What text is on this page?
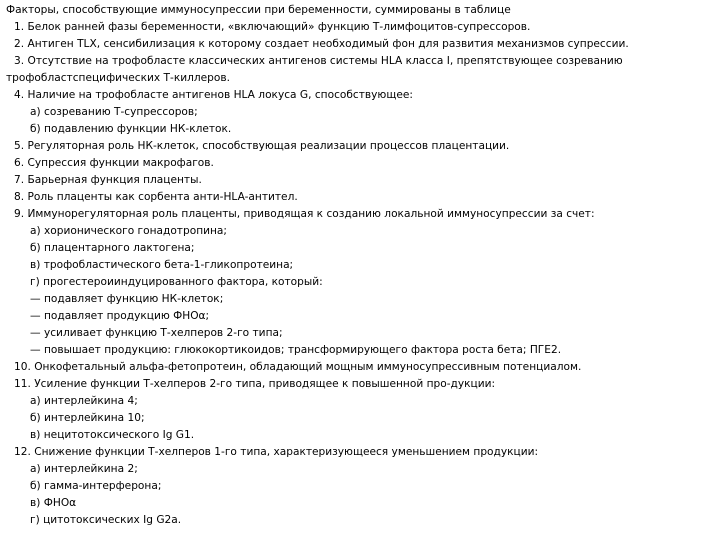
Факторы, способствующие иммуносупрессии при беременности, суммированы в таблице
1. Белок ранней фазы беременности, «включающий» функцию Т-лимфоцитов-супрессоров.
2. Антиген TLX, сенсибилизация к которому создает необходимый фон для развития механизмов супрессии.
3. Отсутствие на трофобласте классических антигенов системы HLA класса I, препятствующее созреванию
трофобластспецифических Т-киллеров.
4. Наличие на трофобласте антигенов HLA локуса G, способствующее:
а) созреванию Т-супрессоров;
б) подавлению функции НК-клеток.
5. Регуляторная роль НК-клеток, способствующая реализации процессов плацентации.
6. Супрессия функции макрофагов.
7. Барьерная функция плаценты.
8. Роль плаценты как сорбента анти-HLA-антител.
9. Иммунорегуляторная роль плаценты, приводящая к созданию локальной иммуносупрессии за счет:
а) хорионического гонадотропина;
б) плацентарного лактогена;
в) трофобластического бета-1-гликопротеина;
г) прогестероииндуцированного фактора, который:
— подавляет функцию НК-клеток;
— подавляет продукцию ФНОα;
— усиливает функцию Т-хелперов 2-го типа;
— повышает продукцию: глюкокортикоидов; трансформирующего фактора роста бета; ПГЕ2.
10. Онкофетальный альфа-фетопротеин, обладающий мощным иммуносупрессивным потенциалом.
11. Усиление функции Т-хелперов 2-го типа, приводящее к повышенной про-дукции:
а) интерлейкина 4;
б) интерлейкина 10;
в) нецитотоксического Ig G1.
12. Снижение функции Т-хелперов 1-го типа, характеризующееся уменьшением продукции:
а) интерлейкина 2;
б) гамма-интерферона;
в) ФНОα
г) цитотоксических Ig G2a.
